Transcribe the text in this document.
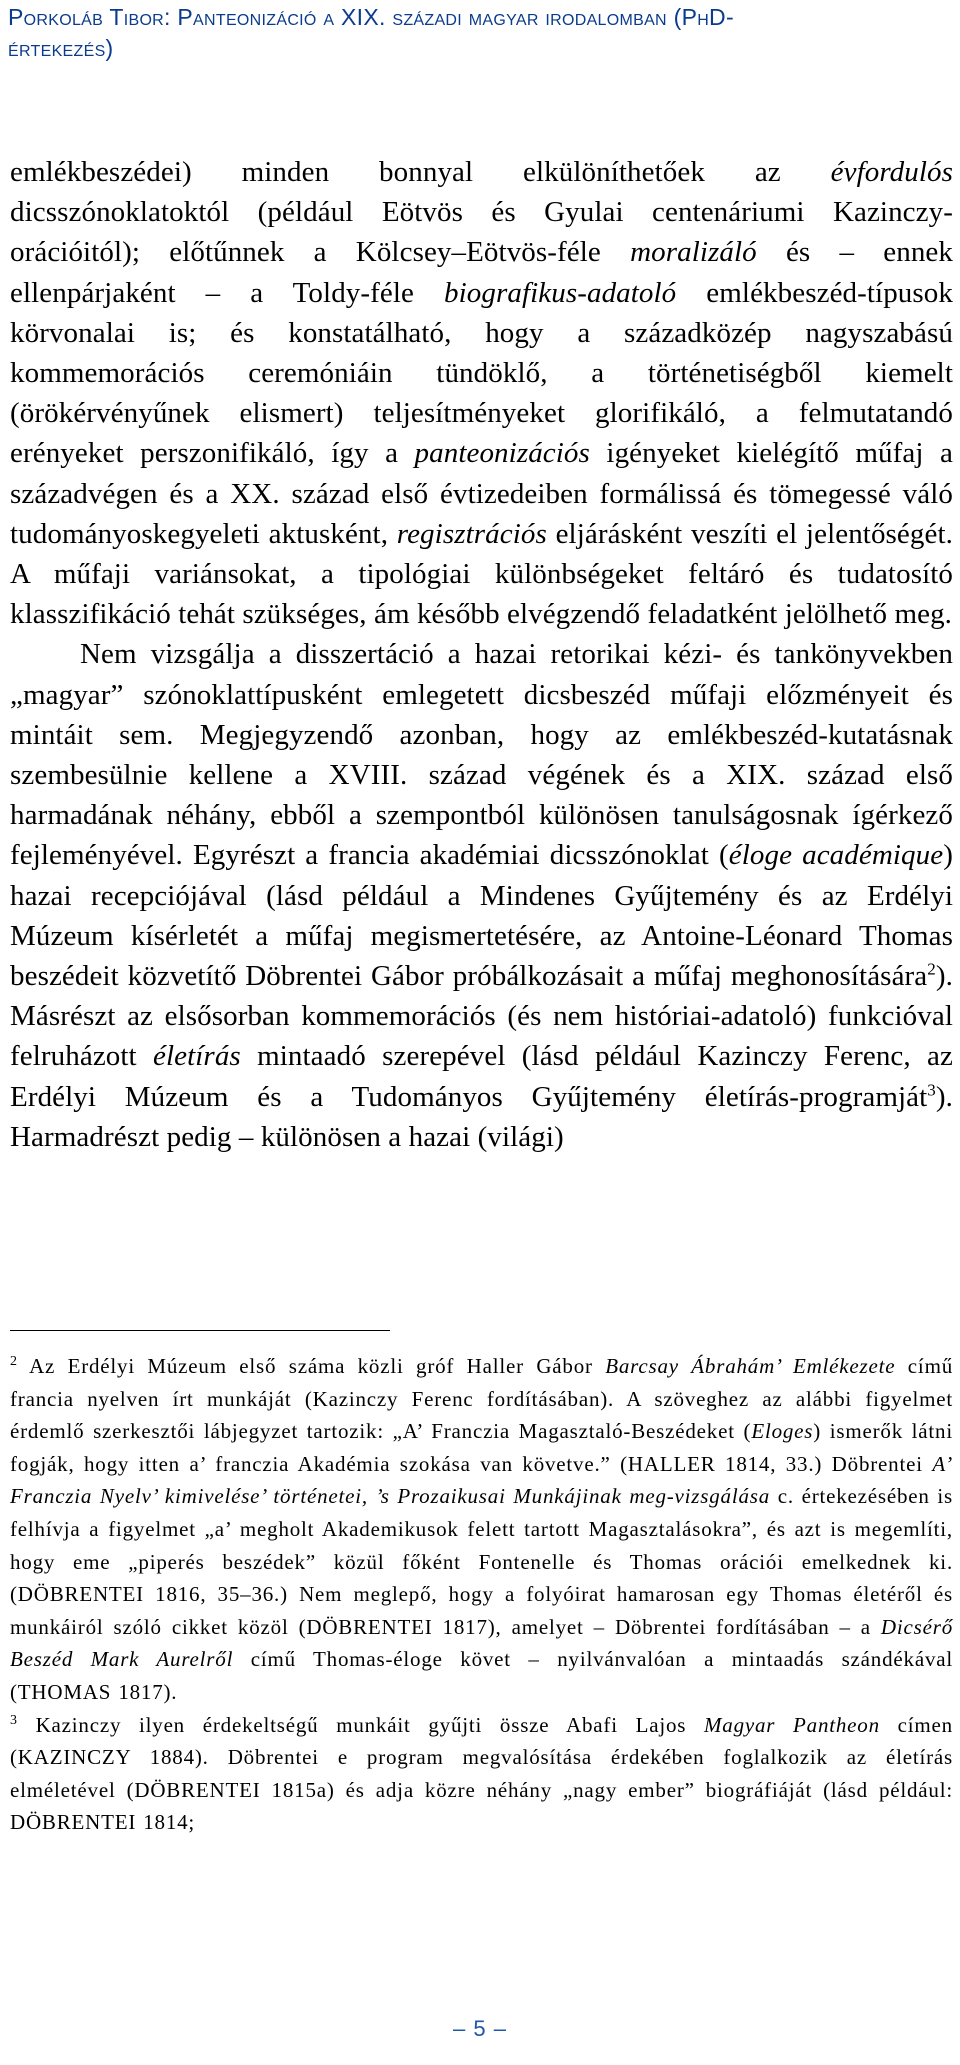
Porkoláb Tibor: Panteonizáció a XIX. századi magyar irodalomban (PhD-
értekezés)

emlékbeszédei) minden bonnyal elkülöníthetőek az évfordulós dicsszónoklatoktól (például Eötvös és Gyulai centenáriumi Kazinczy-orációitól); előtűnnek a Kölcsey–Eötvös-féle moralizáló és – ennek ellenpárjaként – a Toldy-féle biografikus-adatoló emlékbeszéd-típusok körvonalai is; és konstatálható, hogy a századközép nagyszabású kommemorációs ceremóniáin tündöklő, a történetiségből kiemelt (örökérvényűnek elismert) teljesítményeket glorifikáló, a felmutatandó erényeket perszonifikáló, így a panteonizációs igényeket kielégítő műfaj a századvégen és a XX. század első évtizedeiben formálissá és tömegessé váló tudományoskegyeleti aktusként, regisztrációs eljárásként veszíti el jelentőségét. A műfaji variánsokat, a tipológiai különbségeket feltáró és tudatosító klasszifikáció tehát szükséges, ám később elvégzendő feladatként jelölhető meg.

Nem vizsgálja a disszertáció a hazai retorikai kézi- és tankönyvekben „magyar” szónoklattípusként emlegetett dicsbeszéd műfaji előzményeit és mintáit sem. Megjegyzendő azonban, hogy az emlékbeszéd-kutatásnak szembesülnie kellene a XVIII. század végének és a XIX. század első harmadának néhány, ebből a szempontból különösen tanulságosnak ígérkező fejleményével. Egyrészt a francia akadémiai dicsszónoklat (éloge académique) hazai recepciójával (lásd például a Mindenes Gyűjtemény és az Erdélyi Múzeum kísérletét a műfaj megismertetésére, az Antoine-Léonard Thomas beszédeit közvetítő Döbrentei Gábor próbálkozásait a műfaj meghonosítására$^2$). Másrészt az elsősorban kommemorációs (és nem históriai-adatoló) funkcióval felruházott életírás mintaadó szerepével (lásd például Kazinczy Ferenc, az Erdélyi Múzeum és a Tudományos Gyűjtemény életírás-programját$^3$). Harmadrészt pedig – különösen a hazai (világi)

$^2$ Az Erdélyi Múzeum első száma közli gróf Haller Gábor Barcsay Ábrahám’ Emlékezete című francia nyelven írt munkáját (Kazinczy Ferenc fordításában). A szöveghez az alábbi figyelmet érdemlő szerkesztői lábjegyzet tartozik: „A’ Franczia Magasztaló-Beszédeket (Eloges) ismerők látni fogják, hogy itten a’ franczia Akadémia szokása van követve.” (HALLER 1814, 33.) Döbrentei A’ Franczia Nyelv’ kimivelése’ történetei, ’s Prozaikusai Munkájinak meg-vizsgálása c. értekezésében is felhívja a figyelmet „a’ megholt Akademikusok felett tartott Magasztalásokra”, és azt is megemlíti, hogy eme „piperés beszédek” közül főként Fontenelle és Thomas orációi emelkednek ki. (DÖBRENTEI 1816, 35–36.) Nem meglepő, hogy a folyóirat hamarosan egy Thomas életéről és munkáiról szóló cikket közöl (DÖBRENTEI 1817), amelyet – Döbrentei fordításában – a Dicsérő Beszéd Mark Aurelről című Thomas-éloge követ – nyilvánvalóan a mintaadás szándékával (THOMAS 1817).

$^3$ Kazinczy ilyen érdekeltségű munkáit gyűjti össze Abafi Lajos Magyar Pantheon címen (KAZINCZY 1884). Döbrentei e program megvalósítása érdekében foglalkozik az életírás elméletével (DÖBRENTEI 1815a) és adja közre néhány „nagy ember” biográfiáját (lásd például: DÖBRENTEI 1814;

– 5 –
